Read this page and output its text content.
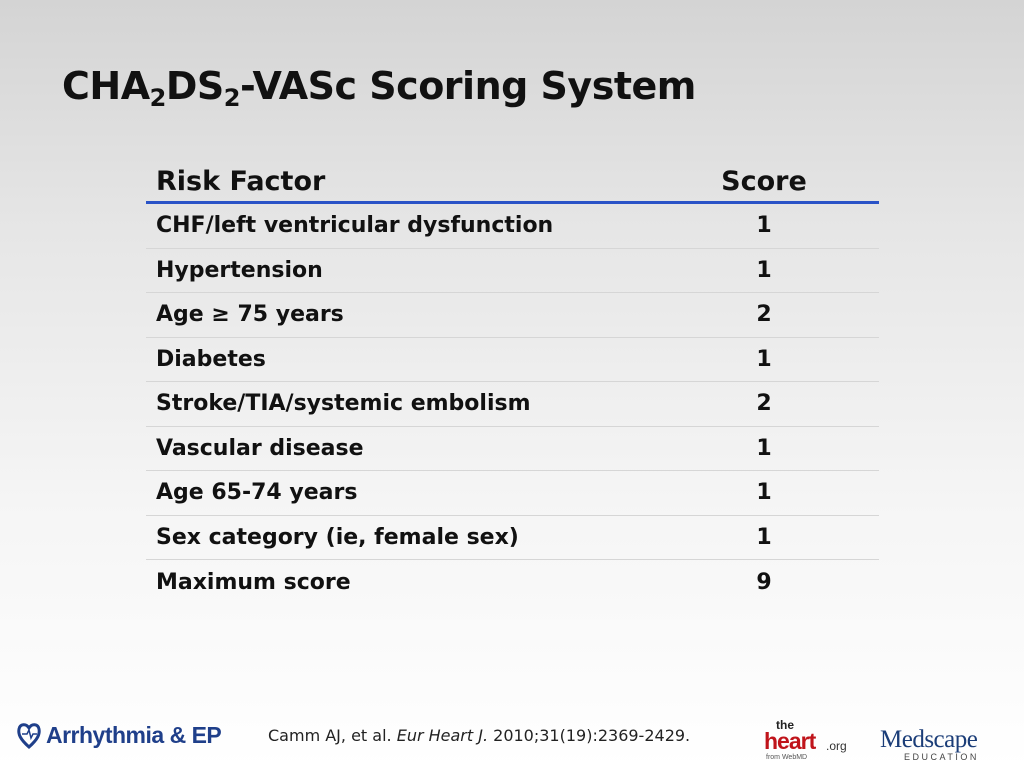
$CHA_2DS_2$-VASc Scoring System
Risk Factor	Score
CHF/left ventricular dysfunction	1
Hypertension	1
Age ≥ 75 years	2
Diabetes	1
Stroke/TIA/systemic embolism	2
Vascular disease	1
Age 65-74 years	1
Sex category (ie, female sex)	1
Maximum score	9
Arrhythmia & EP	Camm AJ, et al. Eur Heart J. 2010;31(19):2369-2429.
the
heart .org
from WebMD
Medscape
EDUCATION
